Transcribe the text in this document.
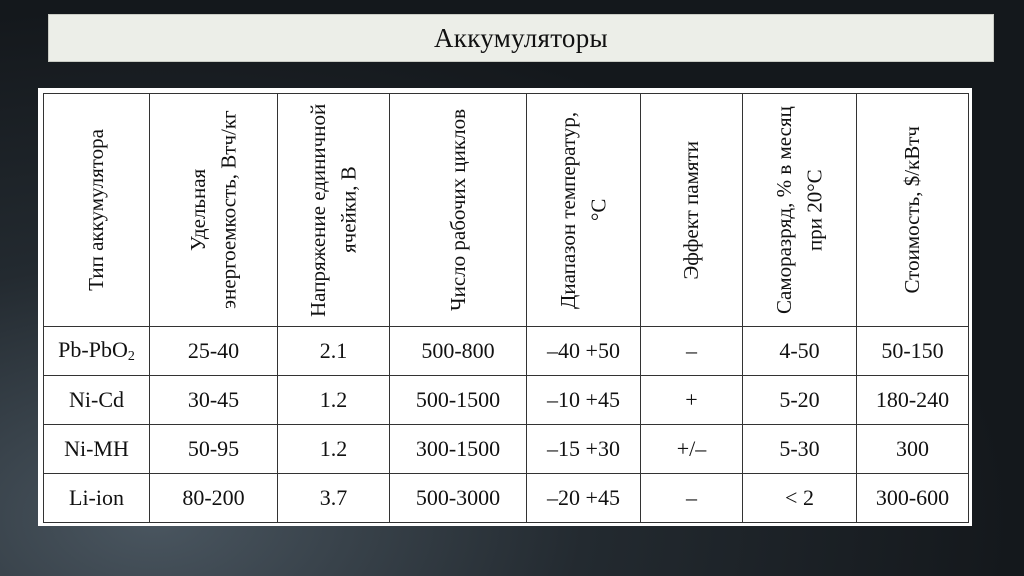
Аккумуляторы
Тип аккумулятора	Удельная энергоемкость, Втч/кг	Напряжение единичной ячейки, В	Число рабочих циклов	Диапазон температур, °С	Эффект памяти	Саморазряд, % в месяц при 20°С	Стоимость, $/кВтч

Pb-PbO$_2$	25-40	2.1	500-800	–40 +50	–	4-50	50-150
Ni-Cd	30-45	1.2	500-1500	–10 +45	+	5-20	180-240
Ni-MH	50-95	1.2	300-1500	–15 +30	+/–	5-30	300
Li-ion	80-200	3.7	500-3000	–20 +45	–	< 2	300-600
